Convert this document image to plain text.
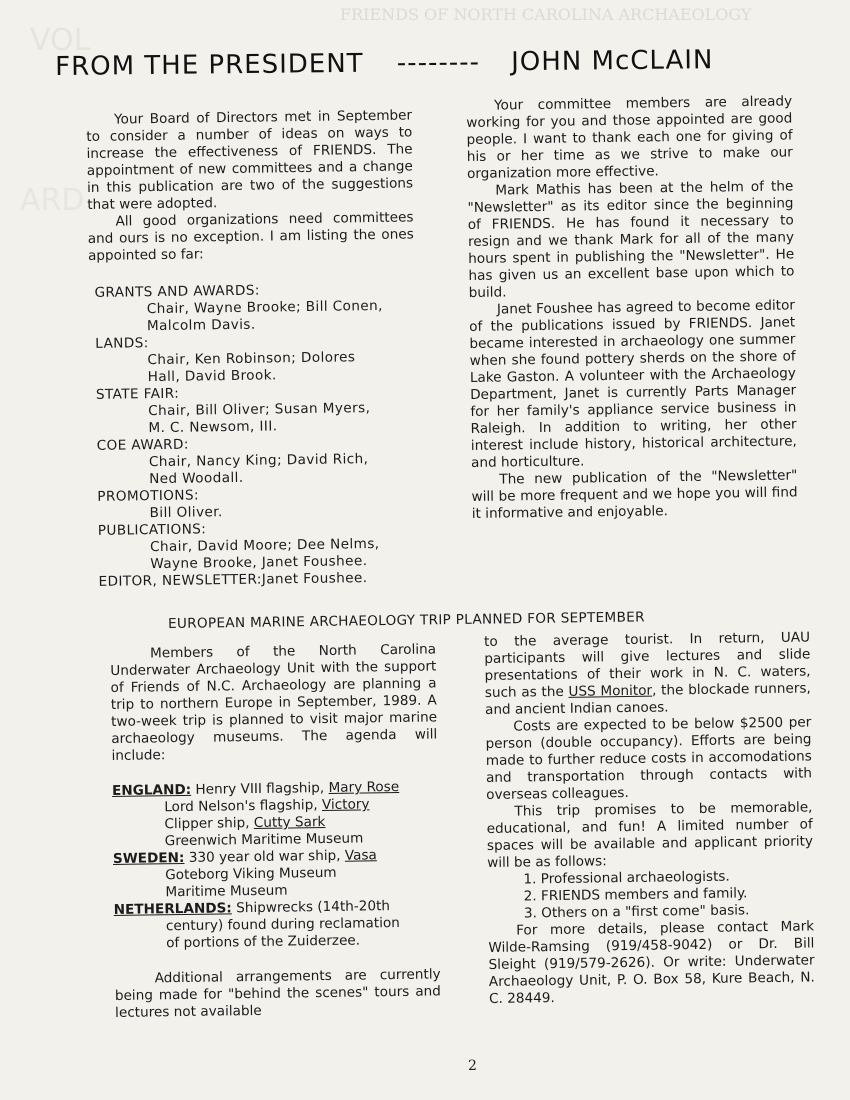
FRIENDS OF NORTH CAROLINA ARCHAEOLOGY
VOL
ARD
FROM THE PRESIDENT -------- JOHN McCLAIN

Your Board of Directors met in September to consider a number of ideas on ways to increase the effectiveness of FRIENDS. The appointment of new committees and a change in this publication are two of the suggestions that were adopted.

All good organizations need committees and ours is no exception. I am listing the ones appointed so far:

GRANTS AND AWARDS:

Chair, Wayne Brooke; Bill Conen,

Malcolm Davis.

LANDS:

Chair, Ken Robinson; Dolores

Hall, David Brook.

STATE FAIR:

Chair, Bill Oliver; Susan Myers,

M. C. Newsom, III.

COE AWARD:

Chair, Nancy King; David Rich,

Ned Woodall.

PROMOTIONS:

Bill Oliver.

PUBLICATIONS:

Chair, David Moore; Dee Nelms,

Wayne Brooke, Janet Foushee.

EDITOR, NEWSLETTER:Janet Foushee.

Your committee members are already working for you and those appointed are good people. I want to thank each one for giving of his or her time as we strive to make our organization more effective.

Mark Mathis has been at the helm of the "Newsletter" as its editor since the beginning of FRIENDS. He has found it necessary to resign and we thank Mark for all of the many hours spent in publishing the "Newsletter". He has given us an excellent base upon which to build.

Janet Foushee has agreed to become editor of the publications issued by FRIENDS. Janet became interested in archaeology one summer when she found pottery sherds on the shore of Lake Gaston. A volunteer with the Archaeology Department, Janet is currently Parts Manager for her family's appliance service business in Raleigh. In addition to writing, her other interest include history, historical architecture, and horticulture.

The new publication of the "Newsletter" will be more frequent and we hope you will find it informative and enjoyable.

EUROPEAN MARINE ARCHAEOLOGY TRIP PLANNED FOR SEPTEMBER

Members of the North Carolina Underwater Archaeology Unit with the support of Friends of N.C. Archaeology are planning a trip to northern Europe in September, 1989. A two-week trip is planned to visit major marine archaeology museums. The agenda will include:

ENGLAND: Henry VIII flagship, Mary Rose
Lord Nelson's flagship, Victory
Clipper ship, Cutty Sark
Greenwich Maritime Museum
SWEDEN: 330 year old war ship, Vasa
Goteborg Viking Museum
Maritime Museum
NETHERLANDS: Shipwrecks (14th-20th
century) found during reclamation
of portions of the Zuiderzee.

Additional arrangements are currently being made for "behind the scenes" tours and lectures not available

to the average tourist. In return, UAU participants will give lectures and slide presentations of their work in N. C. waters, such as the USS Monitor, the blockade runners, and ancient Indian canoes.

Costs are expected to be below $2500 per person (double occupancy). Efforts are being made to further reduce costs in accomodations and transportation through contacts with overseas colleagues.

This trip promises to be memorable, educational, and fun! A limited number of spaces will be available and applicant priority will be as follows:

1. Professional archaeologists.

2. FRIENDS members and family.

3. Others on a "first come" basis.

For more details, please contact Mark Wilde-Ramsing (919/458-9042) or Dr. Bill Sleight (919/579-2626). Or write: Underwater Archaeology Unit, P. O. Box 58, Kure Beach, N. C. 28449.

2
